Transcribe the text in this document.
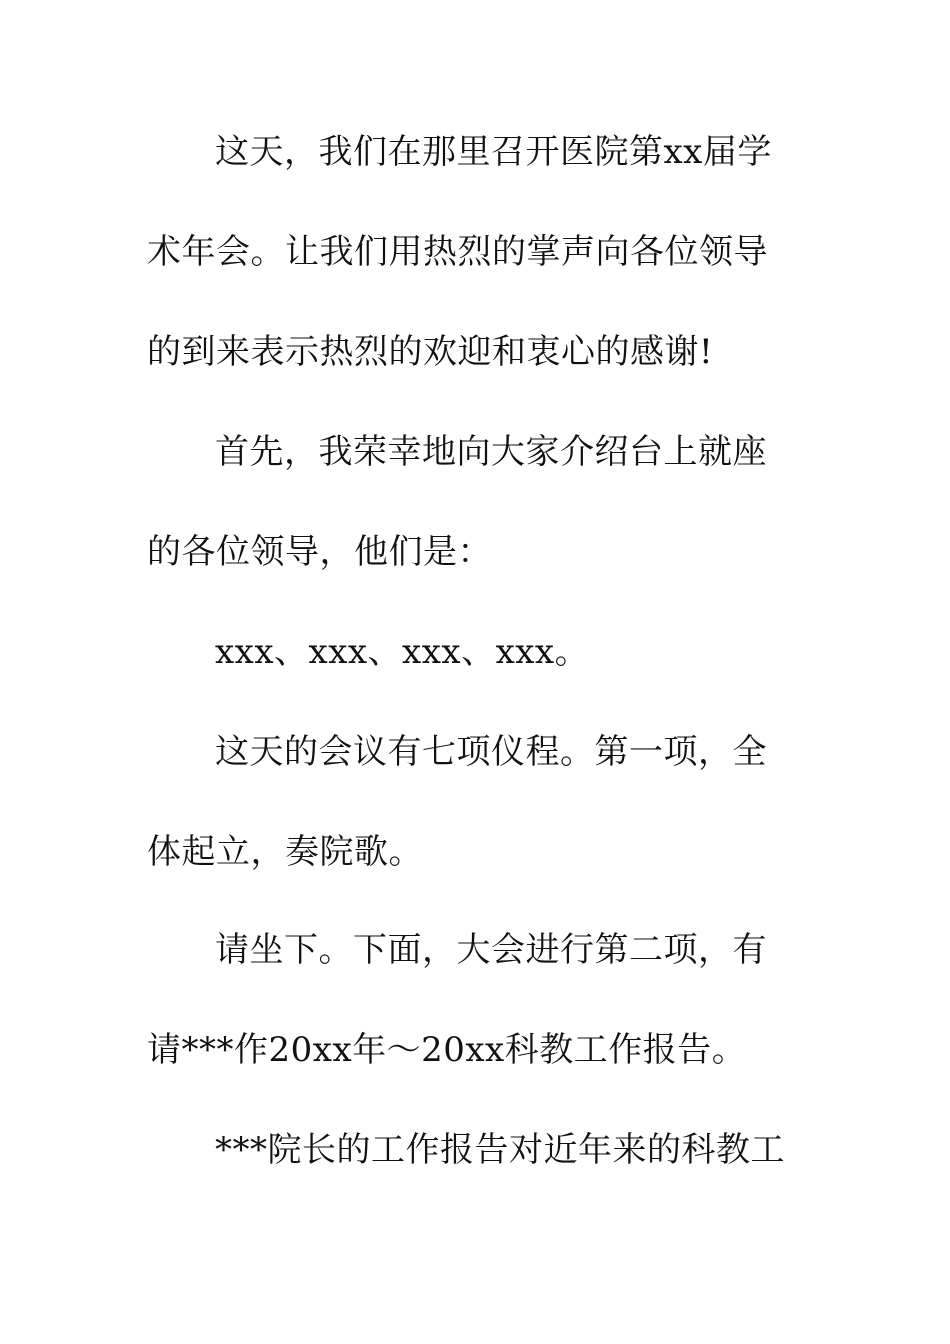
这天，我们在那里召开医院第xx届学
术年会。让我们用热烈的掌声向各位领导
的到来表示热烈的欢迎和衷心的感谢!
首先，我荣幸地向大家介绍台上就座
的各位领导，他们是：
xxx、xxx、xxx、xxx。
这天的会议有七项仪程。第一项，全
体起立，奏院歌。
请坐下。下面，大会进行第二项，有
请***作20xx年～20xx科教工作报告。
***院长的工作报告对近年来的科教工
